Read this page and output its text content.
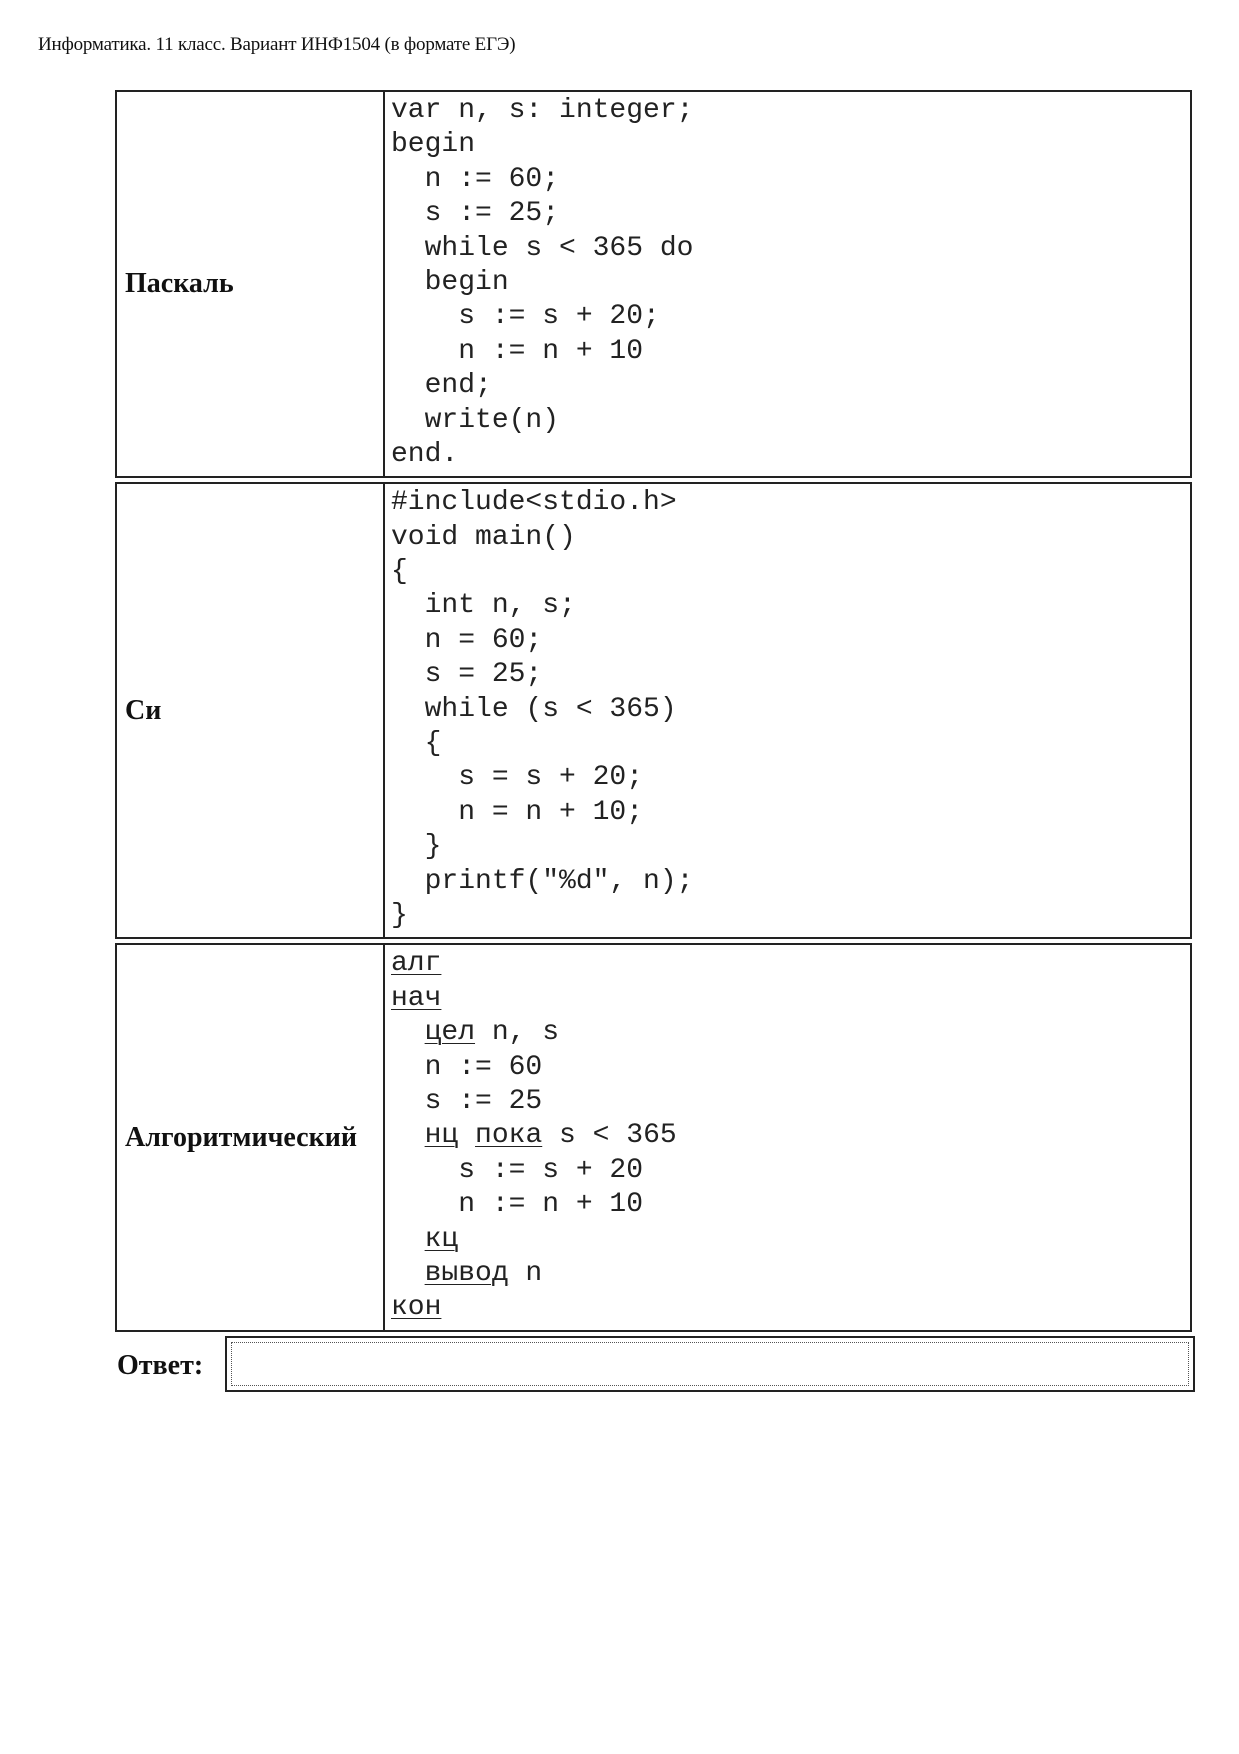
Информатика. 11 класс. Вариант ИНФ1504 (в формате ЕГЭ)
Паскаль
var n, s: integer;
begin
n := 60;
s := 25;
while s < 365 do
begin
s := s + 20;
n := n + 10
end;
write(n)
end.
Си
#include<stdio.h>
void main()
{
int n, s;
n = 60;
s = 25;
while (s < 365)
{
s = s + 20;
n = n + 10;
}
printf("%d", n);
}
Алгоритмический
алг
нач
цел n, s
n := 60
s := 25
нц пока s < 365
s := s + 20
n := n + 10
кц
вывод n
кон
Ответ:
